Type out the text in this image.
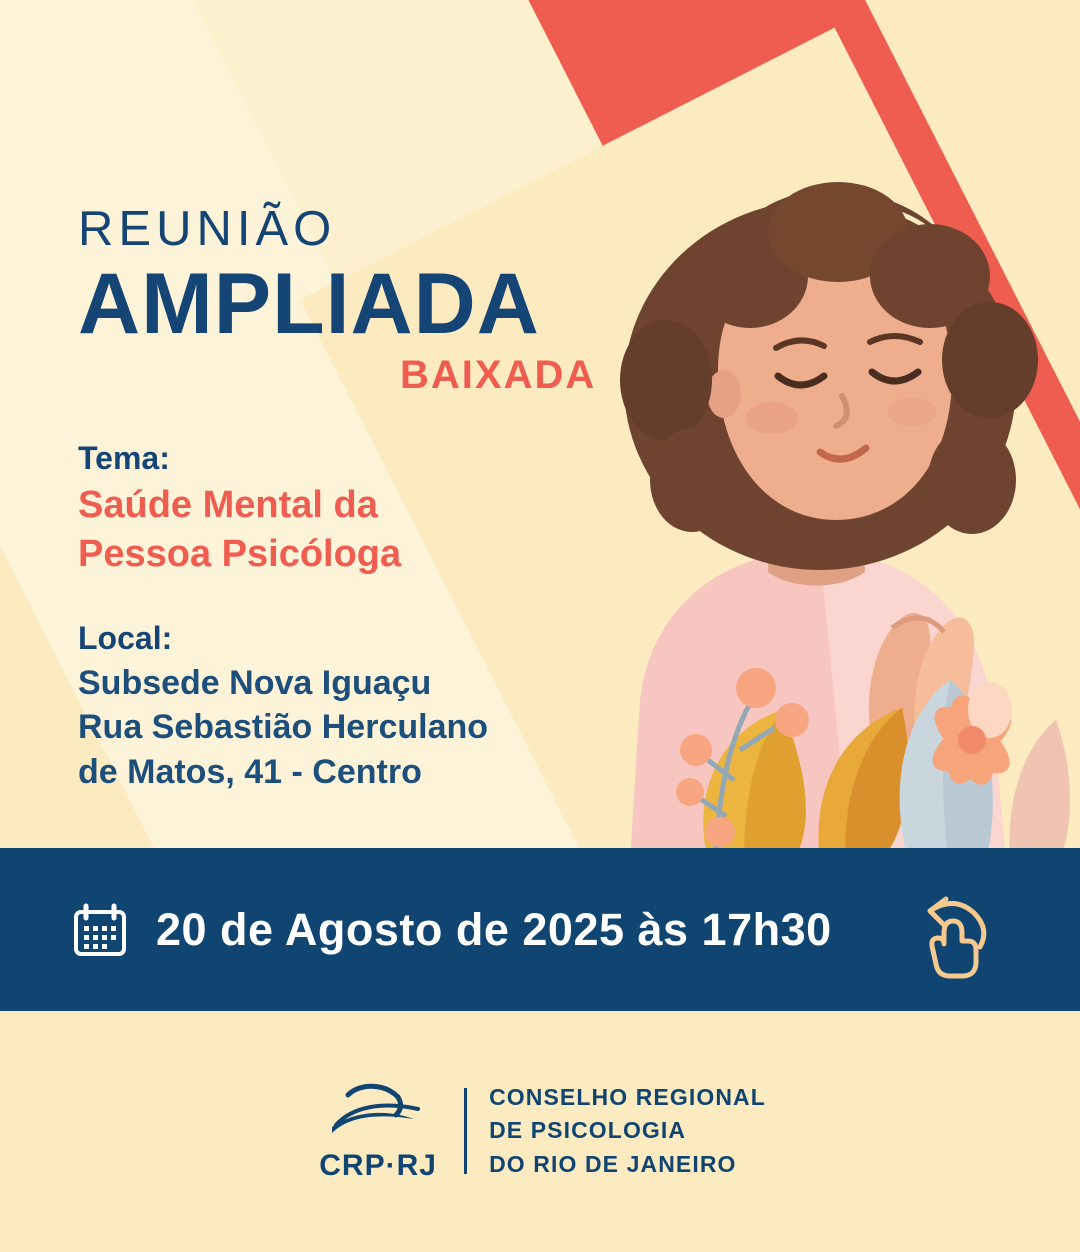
REUNIÃO
AMPLIADA
BAIXADA
Tema:
Saúde Mental da
Pessoa Psicóloga
Local:
Subsede Nova Iguaçu
Rua Sebastião Herculano
de Matos, 41 - Centro
20 de Agosto de 2025 às 17h30
CRP·RJ
CONSELHO REGIONAL
DE PSICOLOGIA
DO RIO DE JANEIRO
